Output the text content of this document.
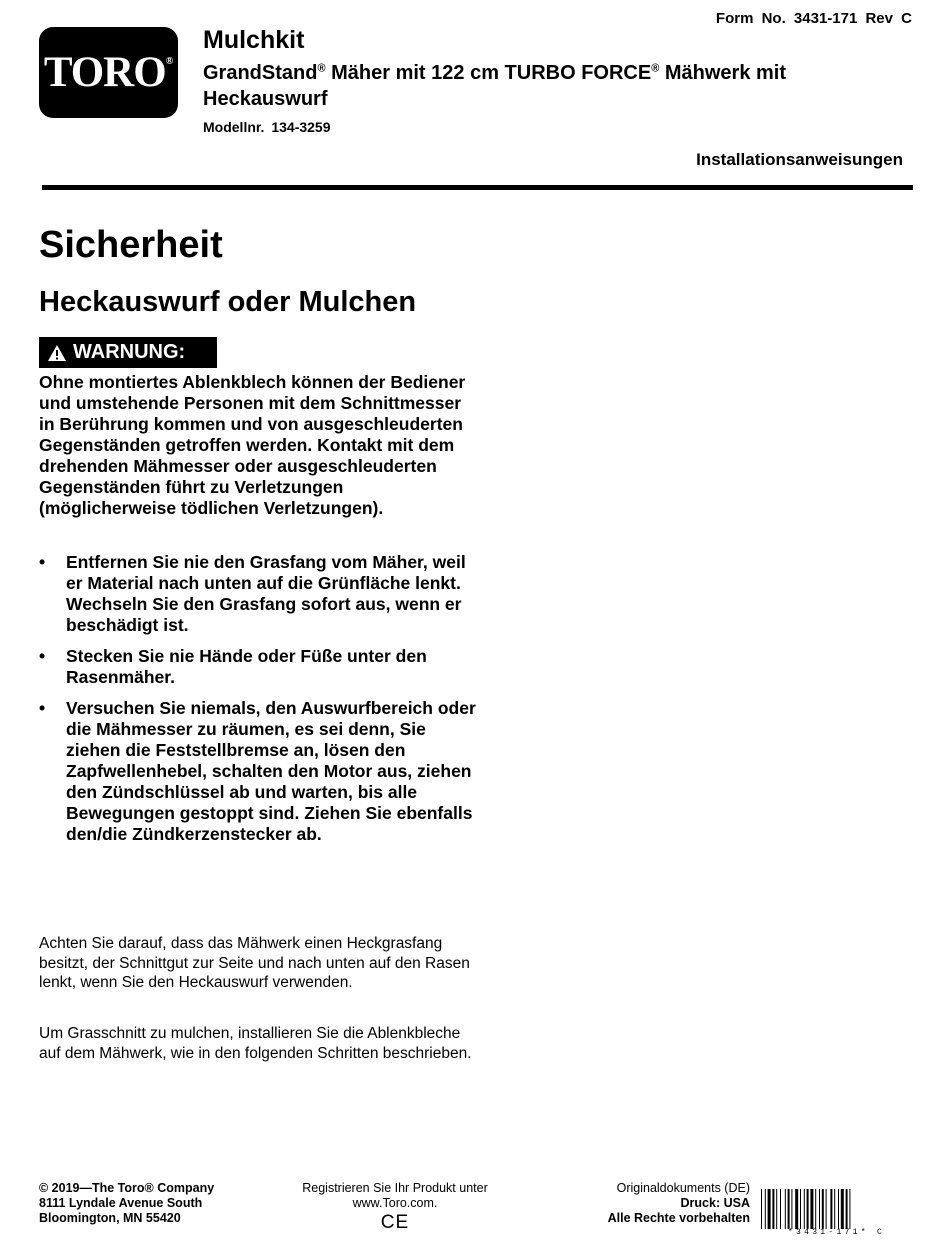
TORO®
Form No. 3431-171 Rev C
Mulchkit
GrandStand® Mäher mit 122 cm TURBO FORCE® Mähwerk mit Heckauswurf
Modellnr. 134-3259
Installationsanweisungen
Sicherheit
Heckauswurf oder Mulchen
WARNUNG:
Ohne montiertes Ablenkblech können der Bediener und umstehende Personen mit dem Schnittmesser in Berührung kommen und von ausgeschleuderten Gegenständen getroffen werden. Kontakt mit dem drehenden Mähmesser oder ausgeschleuderten Gegenständen führt zu Verletzungen (möglicherweise tödlichen Verletzungen).
• Entfernen Sie nie den Grasfang vom Mäher, weil er Material nach unten auf die Grünfläche lenkt. Wechseln Sie den Grasfang sofort aus, wenn er beschädigt ist.
• Stecken Sie nie Hände oder Füße unter den Rasenmäher.
• Versuchen Sie niemals, den Auswurfbereich oder die Mähmesser zu räumen, es sei denn, Sie ziehen die Feststellbremse an, lösen den Zapfwellenhebel, schalten den Motor aus, ziehen den Zündschlüssel ab und warten, bis alle Bewegungen gestoppt sind. Ziehen Sie ebenfalls den/die Zündkerzenstecker ab.
Achten Sie darauf, dass das Mähwerk einen Heckgrasfang besitzt, der Schnittgut zur Seite und nach unten auf den Rasen lenkt, wenn Sie den Heckauswurf verwenden.
Um Grasschnitt zu mulchen, installieren Sie die Ablenkbleche auf dem Mähwerk, wie in den folgenden Schritten beschrieben.
© 2019—The Toro® Company
8111 Lyndale Avenue South
Bloomington, MN 55420
Registrieren Sie Ihr Produkt unter
www.Toro.com.
CE
Originaldokuments (DE)
Druck: USA
Alle Rechte vorbehalten
*3431-171* C
